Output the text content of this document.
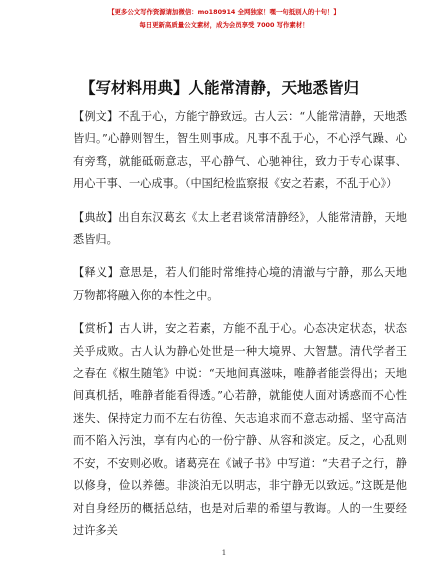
【更多公文写作资源请加微信：mo180914 全网独家！嘿一句抵别人的十句！】
每日更新高质量公文素材，成为会员享受 7000 写作素材！
【写材料用典】人能常清静，天地悉皆归

【例文】不乱于心，方能宁静致远。古人云：“人能常清静，天地悉皆归。”心静则智生，智生则事成。凡事不乱于心，不心浮气躁、心有旁骛，就能砥砺意志，平心静气、心驰神往，致力于专心谋事、用心干事、一心成事。（中国纪检监察报《安之若素，不乱于心》）

【典故】出自东汉葛玄《太上老君谈常清静经》，人能常清静，天地悉皆归。

【释义】意思是，若人们能时常维持心境的清澈与宁静，那么天地万物都将融入你的本性之中。

【赏析】古人讲，安之若素，方能不乱于心。心态决定状态，状态关乎成败。古人认为静心处世是一种大境界、大智慧。清代学者王之春在《椒生随笔》中说：“天地间真滋味，唯静者能尝得出；天地间真机括，唯静者能看得透。”心若静，就能使人面对诱惑而不心性迷失、保持定力而不左右彷徨、矢志追求而不意志动摇、坚守高洁而不陷入污浊，享有内心的一份宁静、从容和淡定。反之，心乱则不安，不安则必败。诸葛亮在《诫子书》中写道：“夫君子之行，静以修身，俭以养德。非淡泊无以明志，非宁静无以致远。”这既是他对自身经历的概括总结，也是对后辈的希望与教诲。人的一生要经过许多关

1
